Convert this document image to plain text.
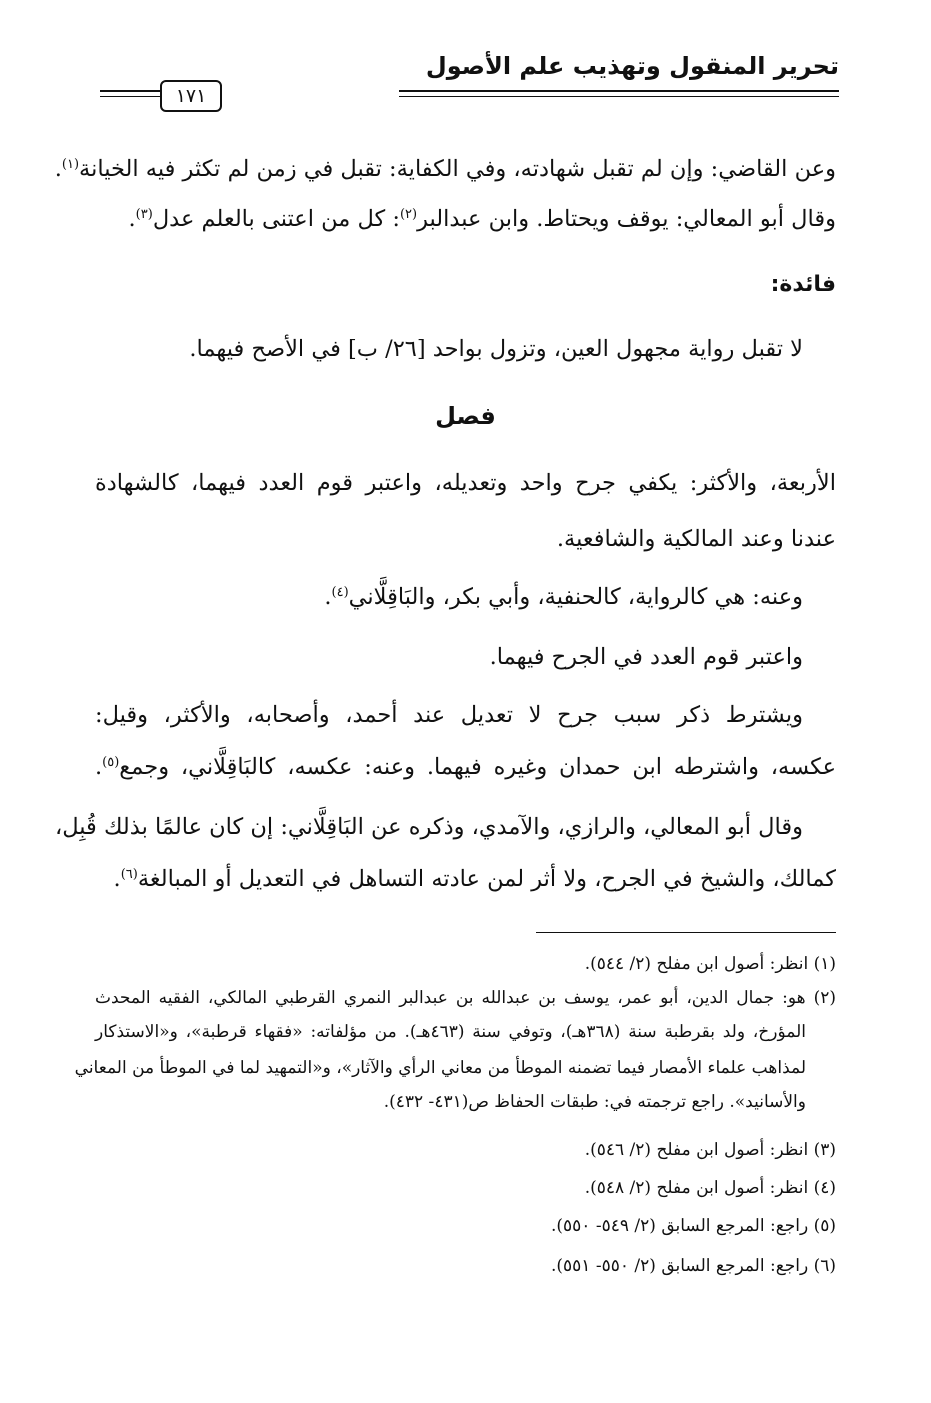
تحرير المنقول وتهذيب علم الأصول
١٧١
وعن القاضي: وإن لم تقبل شهادته، وفي الكفاية: تقبل في زمن لم تكثر فيه الخيانة$^{(١)}$.
وقال أبو المعالي: يوقف ويحتاط. وابن عبدالبر$^{(٢)}$: كل من اعتنى بالعلم عدل$^{(٣)}$.
فائدة:
لا تقبل رواية مجهول العين، وتزول بواحد [٢٦/ ب] في الأصح فيهما.
فصل
الأربعة، والأكثر: يكفي جرح واحد وتعديله، واعتبر قوم العدد فيهما، كالشهادة
عندنا وعند المالكية والشافعية.
وعنه: هي كالرواية، كالحنفية، وأبي بكر، والبَاقِلَّاني$^{(٤)}$.
واعتبر قوم العدد في الجرح فيهما.
ويشترط ذكر سبب جرح لا تعديل عند أحمد، وأصحابه، والأكثر، وقيل:
عكسه، واشترطه ابن حمدان وغيره فيهما. وعنه: عكسه، كالبَاقِلَّاني، وجمع$^{(٥)}$.
وقال أبو المعالي، والرازي، والآمدي، وذكره عن البَاقِلَّاني: إن كان عالمًا بذلك قُبِل،
كمالك، والشيخ في الجرح، ولا أثر لمن عادته التساهل في التعديل أو المبالغة$^{(٦)}$.
(١) انظر: أصول ابن مفلح (٢/ ٥٤٤).
(٢) هو: جمال الدين، أبو عمر، يوسف بن عبدالله بن عبدالبر النمري القرطبي المالكي، الفقيه المحدث
المؤرخ، ولد بقرطبة سنة (٣٦٨هـ)، وتوفي سنة (٤٦٣هـ). من مؤلفاته: «فقهاء قرطبة»، و«الاستذكار
لمذاهب علماء الأمصار فيما تضمنه الموطأ من معاني الرأي والآثار»، و«التمهيد لما في الموطأ من المعاني
والأسانيد». راجع ترجمته في: طبقات الحفاظ ص(٤٣١- ٤٣٢).
(٣) انظر: أصول ابن مفلح (٢/ ٥٤٦).
(٤) انظر: أصول ابن مفلح (٢/ ٥٤٨).
(٥) راجع: المرجع السابق (٢/ ٥٤٩- ٥٥٠).
(٦) راجع: المرجع السابق (٢/ ٥٥٠- ٥٥١).
